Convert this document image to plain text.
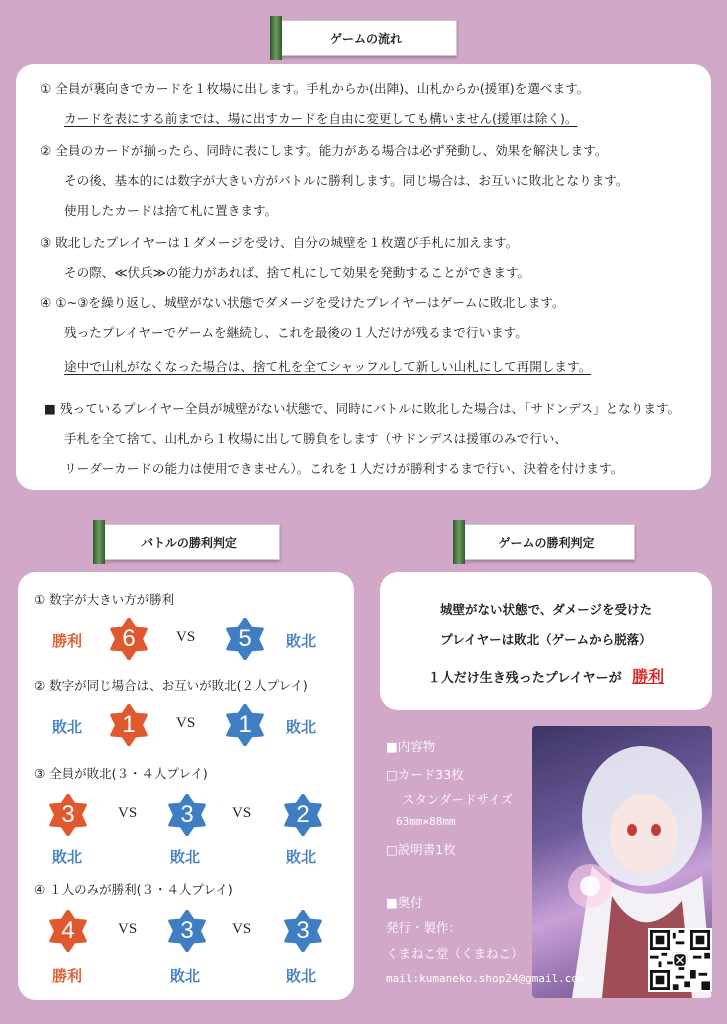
ゲームの流れ

① 全員が裏向きでカードを１枚場に出します。手札からか(出陣)、山札からか(援軍)を選べます。

カードを表にする前までは、場に出すカードを自由に変更しても構いません(援軍は除く)。

② 全員のカードが揃ったら、同時に表にします。能力がある場合は必ず発動し、効果を解決します。

その後、基本的には数字が大きい方がバトルに勝利します。同じ場合は、お互いに敗北となります。

使用したカードは捨て札に置きます。

③ 敗北したプレイヤーは１ダメージを受け、自分の城壁を１枚選び手札に加えます。

その際、≪伏兵≫の能力があれば、捨て札にして効果を発動することができます。

④ ①~③を繰り返し、城壁がない状態でダメージを受けたプレイヤーはゲームに敗北します。

残ったプレイヤーでゲームを継続し、これを最後の１人だけが残るまで行います。

途中で山札がなくなった場合は、捨て札を全てシャッフルして新しい山札にして再開します。

■ 残っているプレイヤー全員が城壁がない状態で、同時にバトルに敗北した場合は、「サドンデス」となります。

手札を全て捨て、山札から１枚場に出して勝負をします（サドンデスは援軍のみで行い、

リーダーカードの能力は使用できません）。これを１人だけが勝利するまで行い、決着を付けます。

バトルの勝利判定	ゲームの勝利判定
① 数字が大きい方が勝利
勝利	6	VS	5	敗北
② 数字が同じ場合は、お互いが敗北(２人プレイ)
敗北	1	VS	1	敗北
③ 全員が敗北(３・４人プレイ)
3	VS	3	VS	2
敗北	敗北	敗北
④ １人のみが勝利(３・４人プレイ)
4	VS	3	VS	3
勝利	敗北	敗北
城壁がない状態で、ダメージを受けた
プレイヤーは敗北（ゲームから脱落）
１人だけ生き残ったプレイヤーが 勝利
■内容物
□カード33枚
スタンダードサイズ
63mm×88mm
□説明書1枚
■奥付
発行・製作：
くまねこ堂（くまねこ）
mail:kumaneko.shop24@gmail.com
